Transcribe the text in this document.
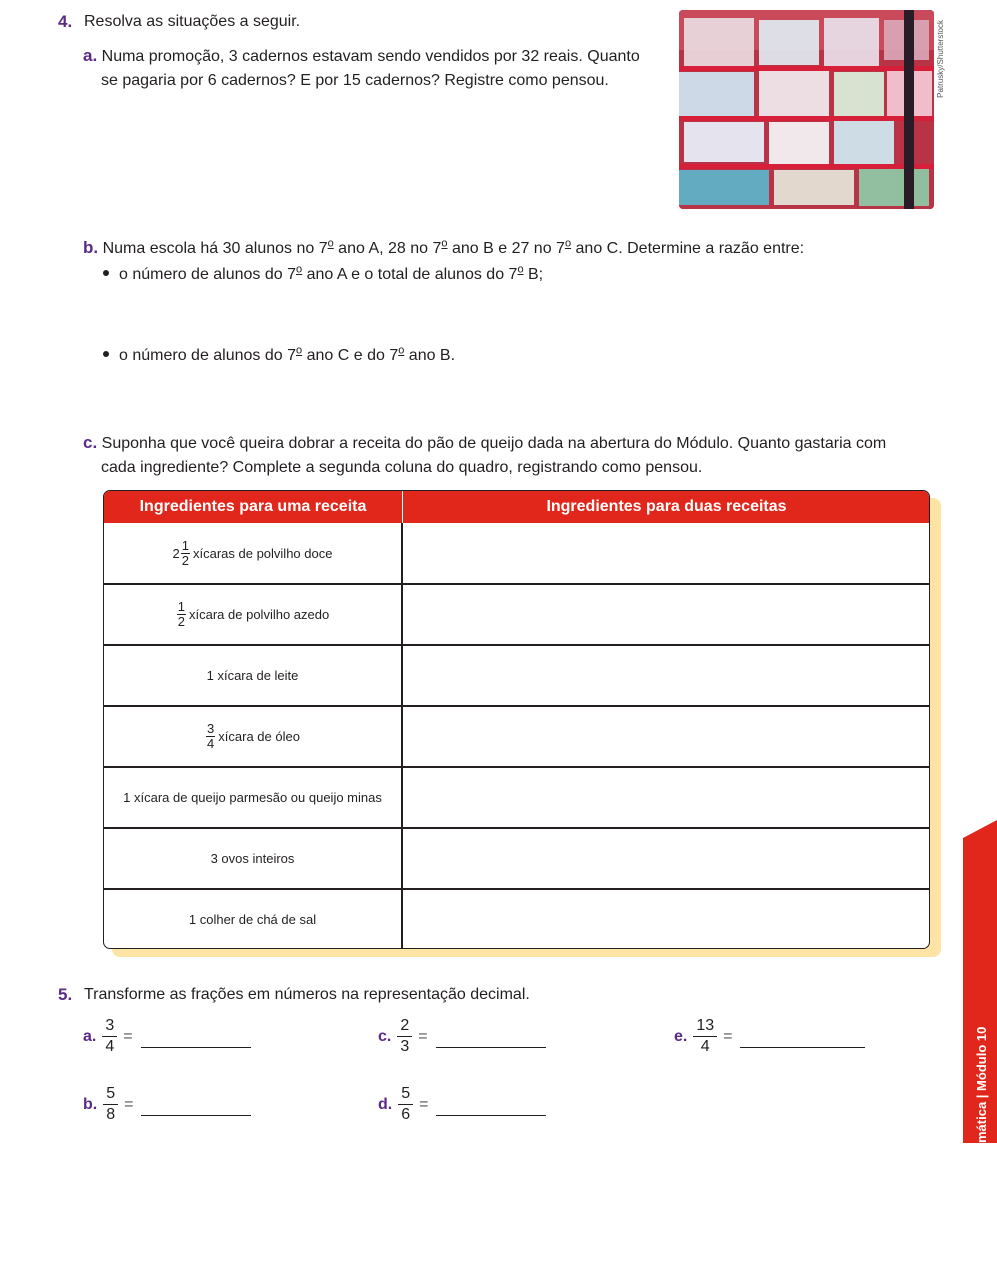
4. Resolva as situações a seguir.
a. Numa promoção, 3 cadernos estavam sendo vendidos por 32 reais. Quanto
se pagaria por 6 cadernos? E por 15 cadernos? Registre como pensou.	Patrusky/Shutterstock
b. Numa escola há 30 alunos no 7$^o$ ano A, 28 no 7$^o$ ano B e 27 no 7$^o$ ano C. Determine a razão entre:
o número de alunos do 7$^o$ ano A e o total de alunos do 7$^o$ B;
o número de alunos do 7$^o$ ano C e do 7$^o$ ano B.
c. Suponha que você queira dobrar a receita do pão de queijo dada na abertura do Módulo. Quanto gastaria com
cada ingrediente? Complete a segunda coluna do quadro, registrando como pensou.
Ingredientes para uma receita	Ingredientes para duas receitas
$2 \frac{1}{2}$ xícaras de polvilho doce
$\frac{1}{2}$ xícara de polvilho azedo
1 xícara de leite
$\frac{3}{4}$ xícara de óleo
1 xícara de queijo parmesão ou queijo minas
3 ovos inteiros
1 colher de chá de sal
5. Transforme as frações em números na representação decimal.
a. $\frac{3}{4}$ =
b. $\frac{5}{8}$ =
c. $\frac{2}{3}$ =
d. $\frac{5}{6}$ =
e. $\frac{13}{4}$ =	mática | Módulo 10
